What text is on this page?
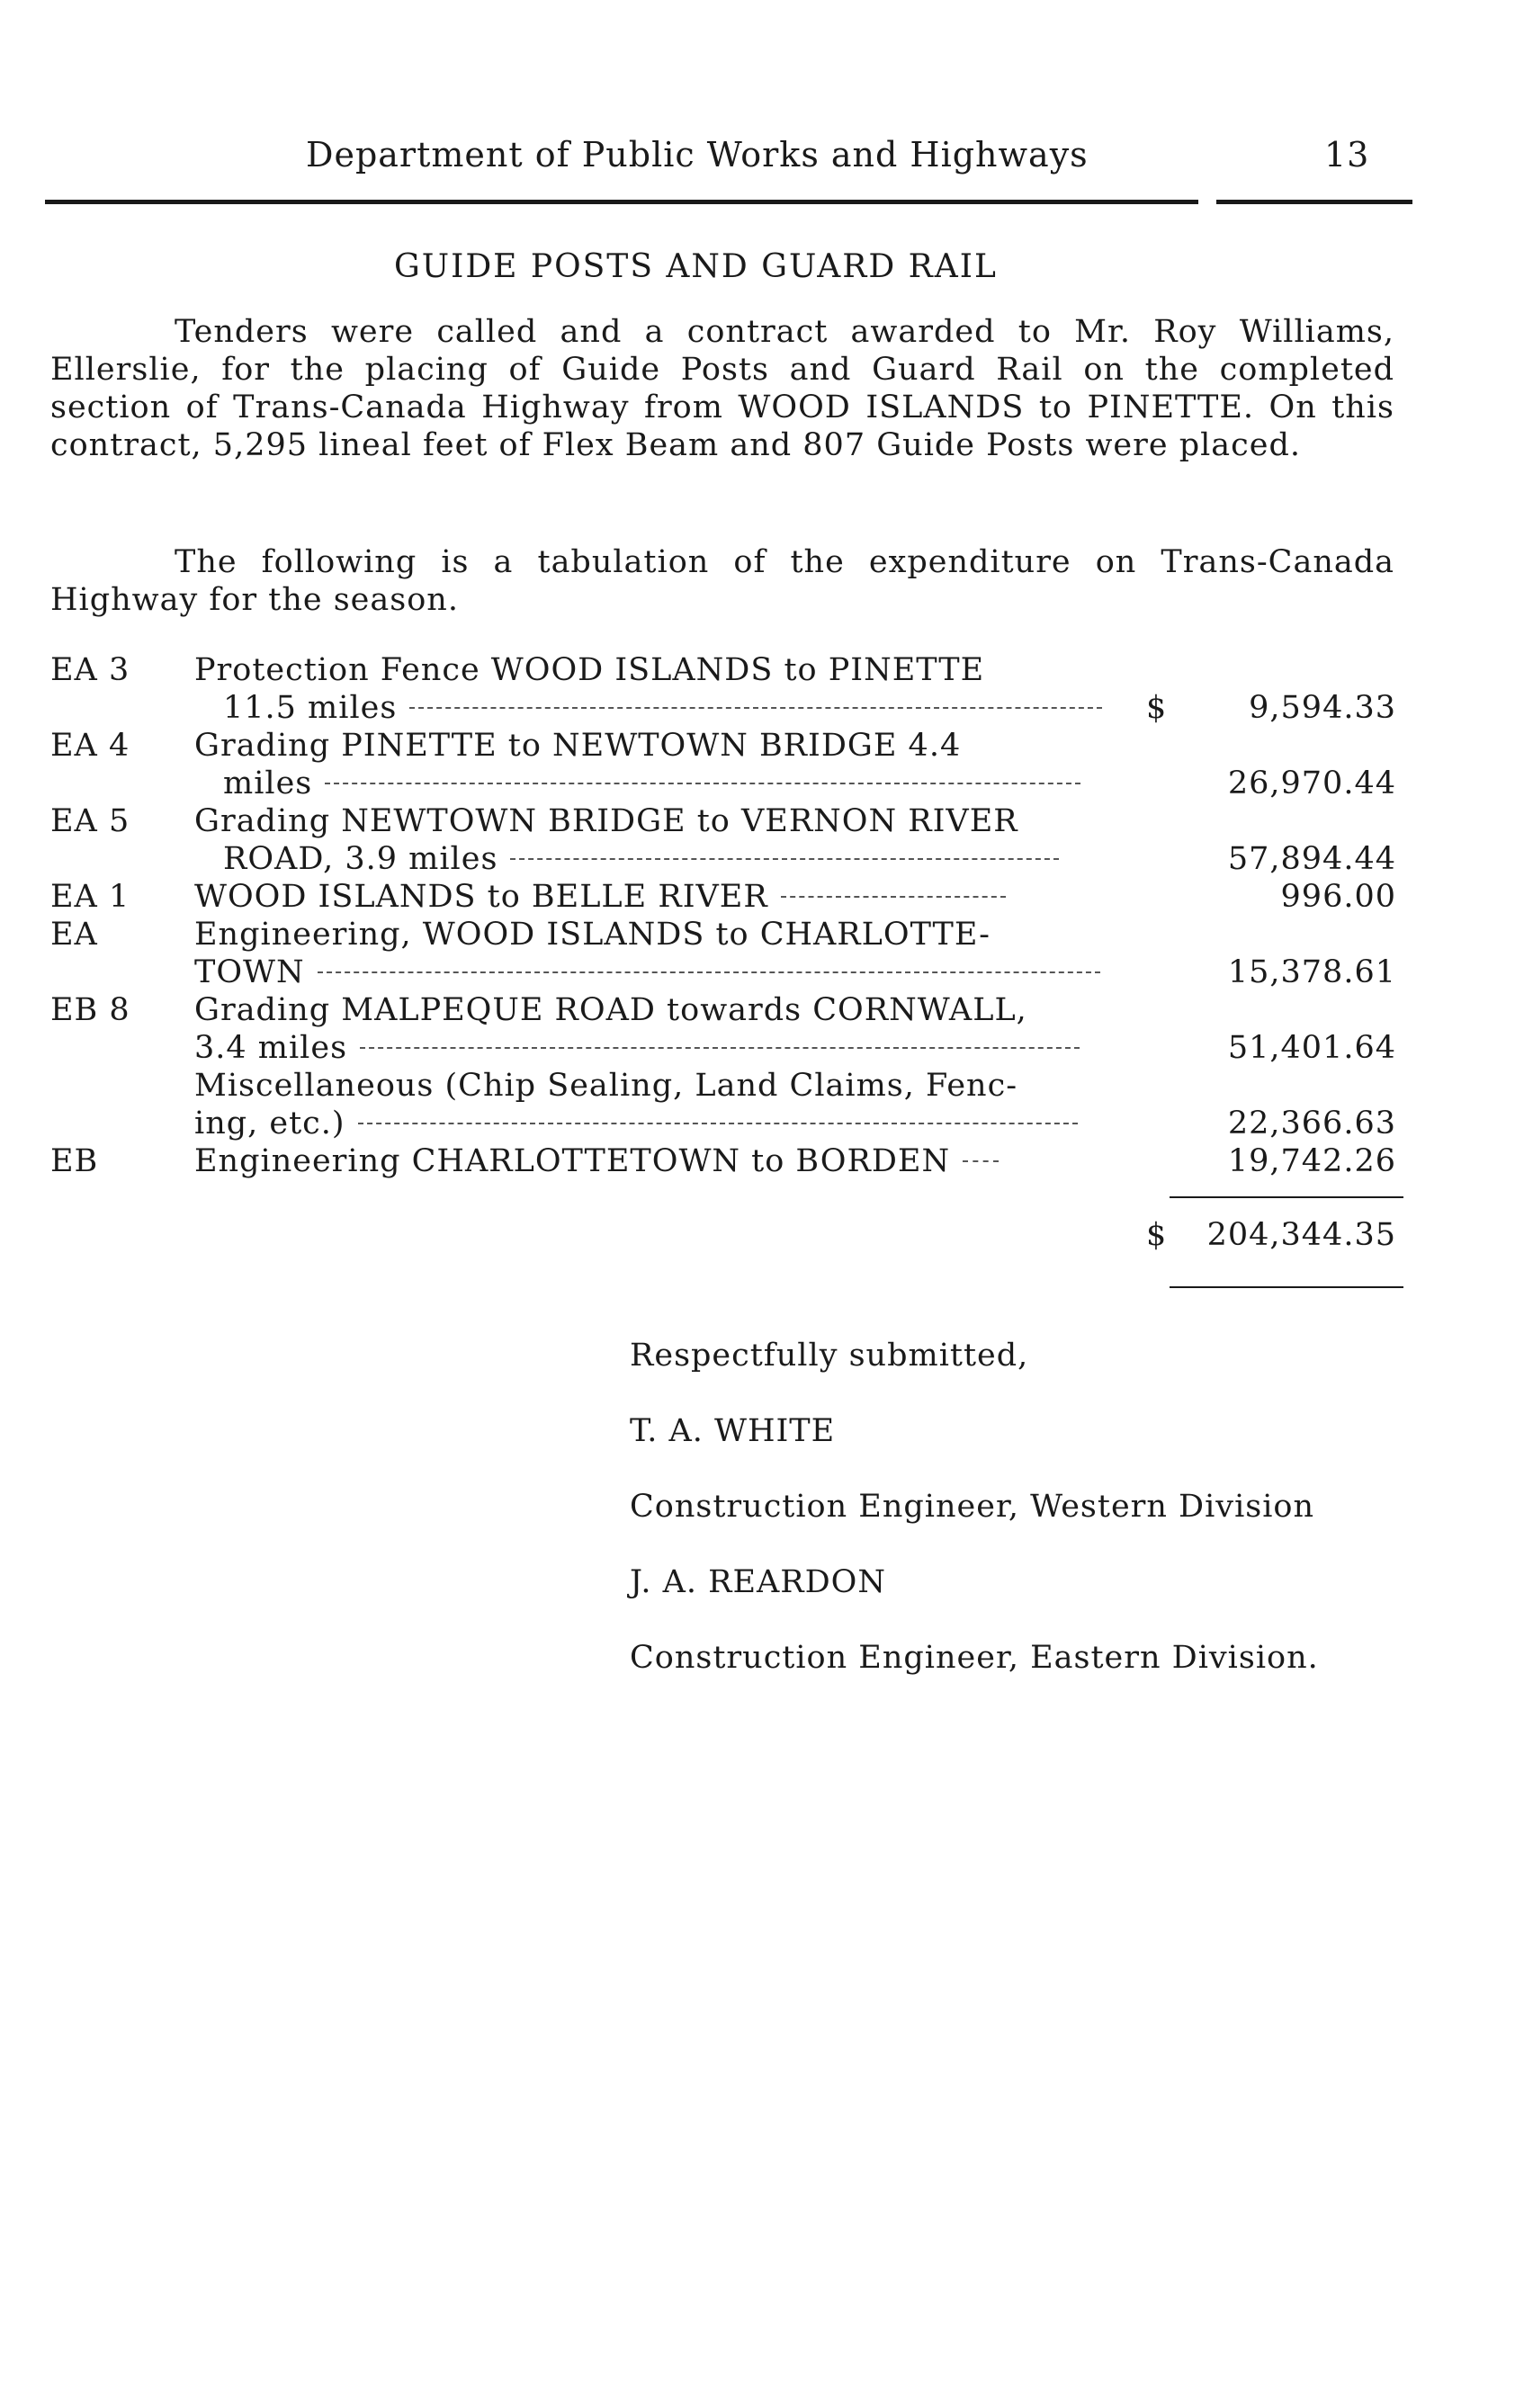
Department of Public Works and Highways	13
GUIDE POSTS AND GUARD RAIL
Tenders were called and a contract awarded to Mr. Roy Williams, Ellerslie, for the placing of Guide Posts and Guard Rail on the completed section of Trans-Canada Highway from WOOD ISLANDS to PINETTE. On this contract, 5,295 lineal feet of Flex Beam and 807 Guide Posts were placed.
The following is a tabulation of the expenditure on Trans-Canada Highway for the season.
EA 3	Protection Fence WOOD ISLANDS to PINETTE
11.5 miles	$	9,594.33
EA 4	Grading PINETTE to NEWTOWN BRIDGE 4.4
miles	26,970.44
EA 5	Grading NEWTOWN BRIDGE to VERNON RIVER
ROAD, 3.9 miles	57,894.44
EA 1	WOOD ISLANDS to BELLE RIVER	996.00
EA	Engineering, WOOD ISLANDS to CHARLOTTE-
TOWN	15,378.61
EB 8	Grading MALPEQUE ROAD towards CORNWALL,
3.4 miles	51,401.64
Miscellaneous (Chip Sealing, Land Claims, Fenc-
ing, etc.)	22,366.63
EB	Engineering CHARLOTTETOWN to BORDEN	19,742.26
$ 204,344.35
Respectfully submitted,
T. A. WHITE
Construction Engineer, Western Division
J. A. REARDON
Construction Engineer, Eastern Division.
